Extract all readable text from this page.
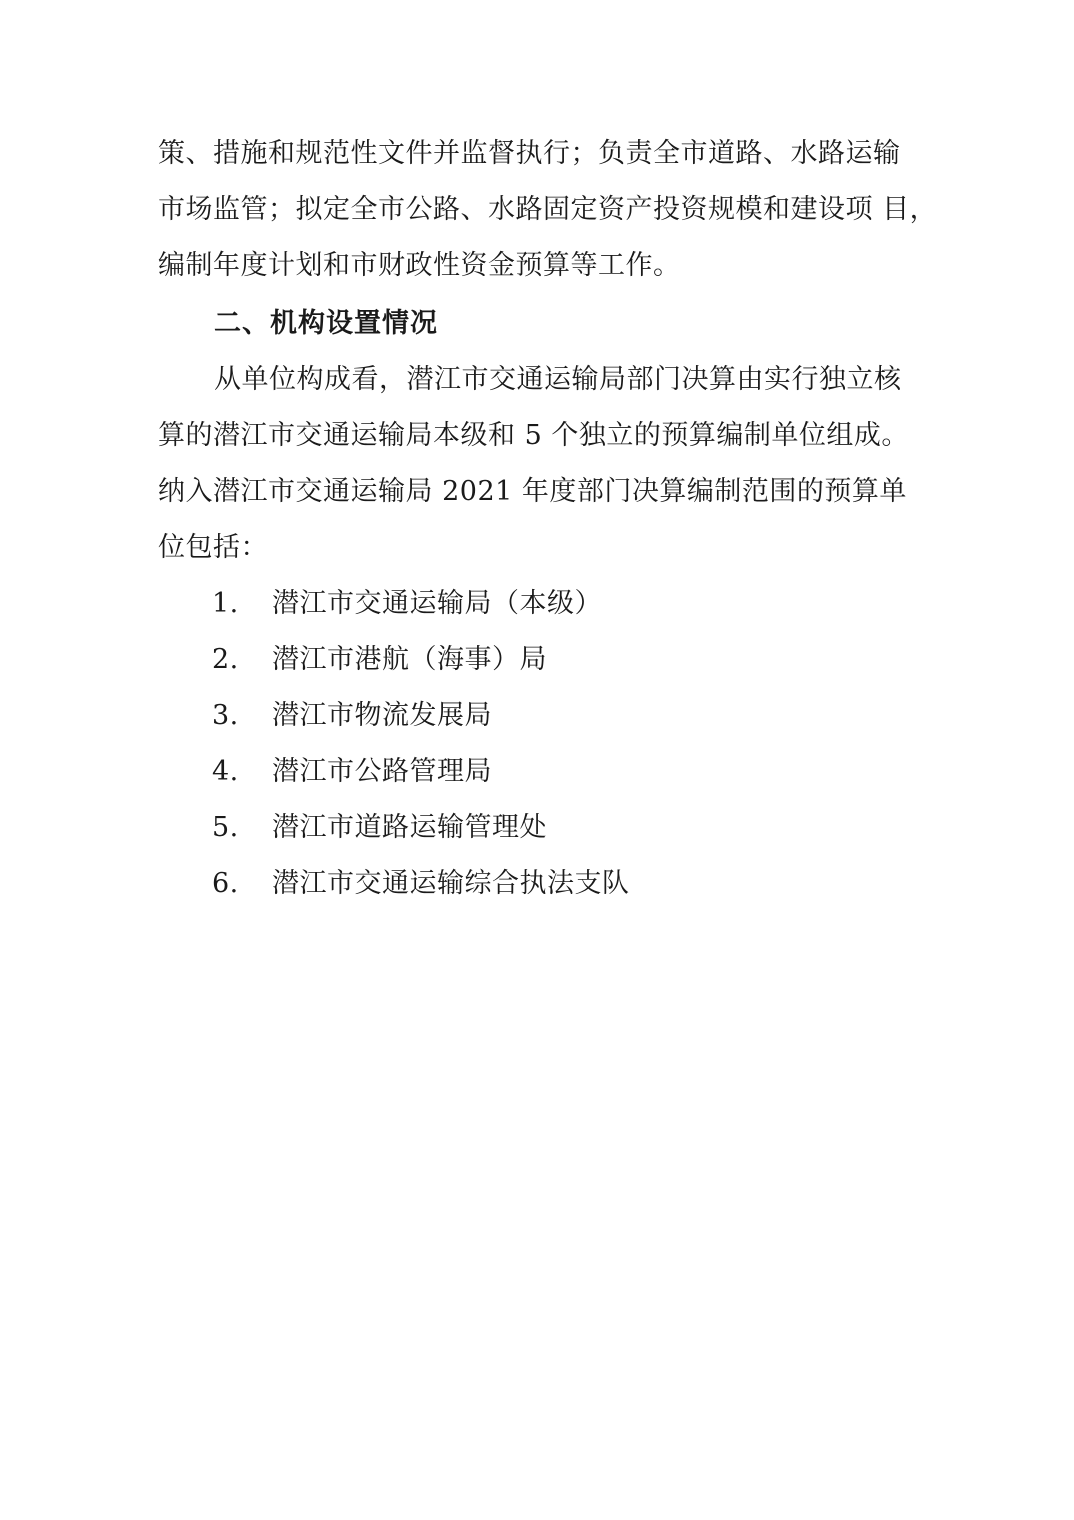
策、措施和规范性文件并监督执行；负责全市道路、水路运输
市场监管；拟定全市公路、水路固定资产投资规模和建设项 目，
编制年度计划和市财政性资金预算等工作。
二、机构设置情况
从单位构成看，潜江市交通运输局部门决算由实行独立核
算的潜江市交通运输局本级和 5 个独立的预算编制单位组成。
纳入潜江市交通运输局 2021 年度部门决算编制范围的预算单
位包括：
1. 潜江市交通运输局（本级）
2. 潜江市港航（海事）局
3. 潜江市物流发展局
4. 潜江市公路管理局
5. 潜江市道路运输管理处
6. 潜江市交通运输综合执法支队
